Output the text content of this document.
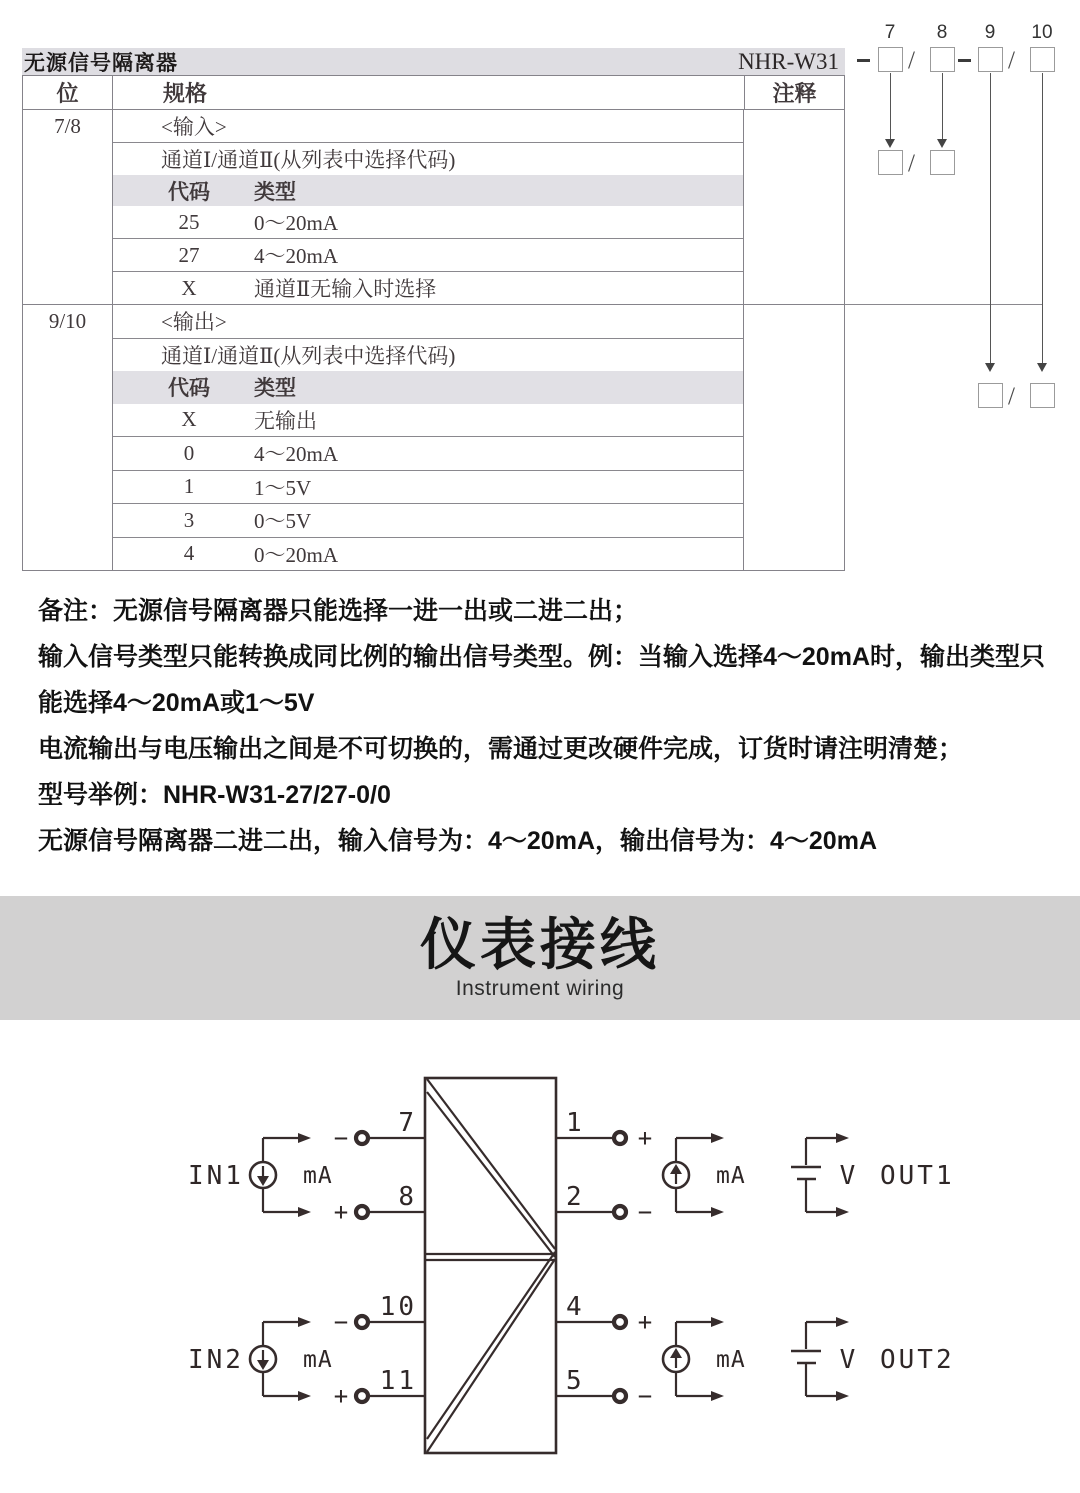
无源信号隔离器	NHR-W31
位	规格	注释
7/8	<输入>
通道Ⅰ/通道Ⅱ(从列表中选择代码)
代码	类型
25	0～20mA
27	4～20mA
X	通道Ⅱ无输入时选择
9/10	<输出>
通道Ⅰ/通道Ⅱ(从列表中选择代码)
代码	类型
X	无输出
0	4～20mA
1	1～5V
3	0～5V
4	0～20mA
7	8	9	10
/	/
/
/
备注：无源信号隔离器只能选择一进一出或二进二出；
输入信号类型只能转换成同比例的输出信号类型。例：当输入选择4～20mA时，输出类型只
能选择4～20mA或1～5V
电流输出与电压输出之间是不可切换的，需通过更改硬件完成，订货时请注明清楚；
型号举例：NHR-W31-27/27-0/0
无源信号隔离器二进二出，输入信号为：4～20mA，输出信号为：4～20mA
仪表接线
Instrument wiring
IN1	mA
−
+
7
8
1
2
+
−
mA	V OUT1
IN2	mA
−
+
10
11
4
5
+
−
mA	V OUT2
